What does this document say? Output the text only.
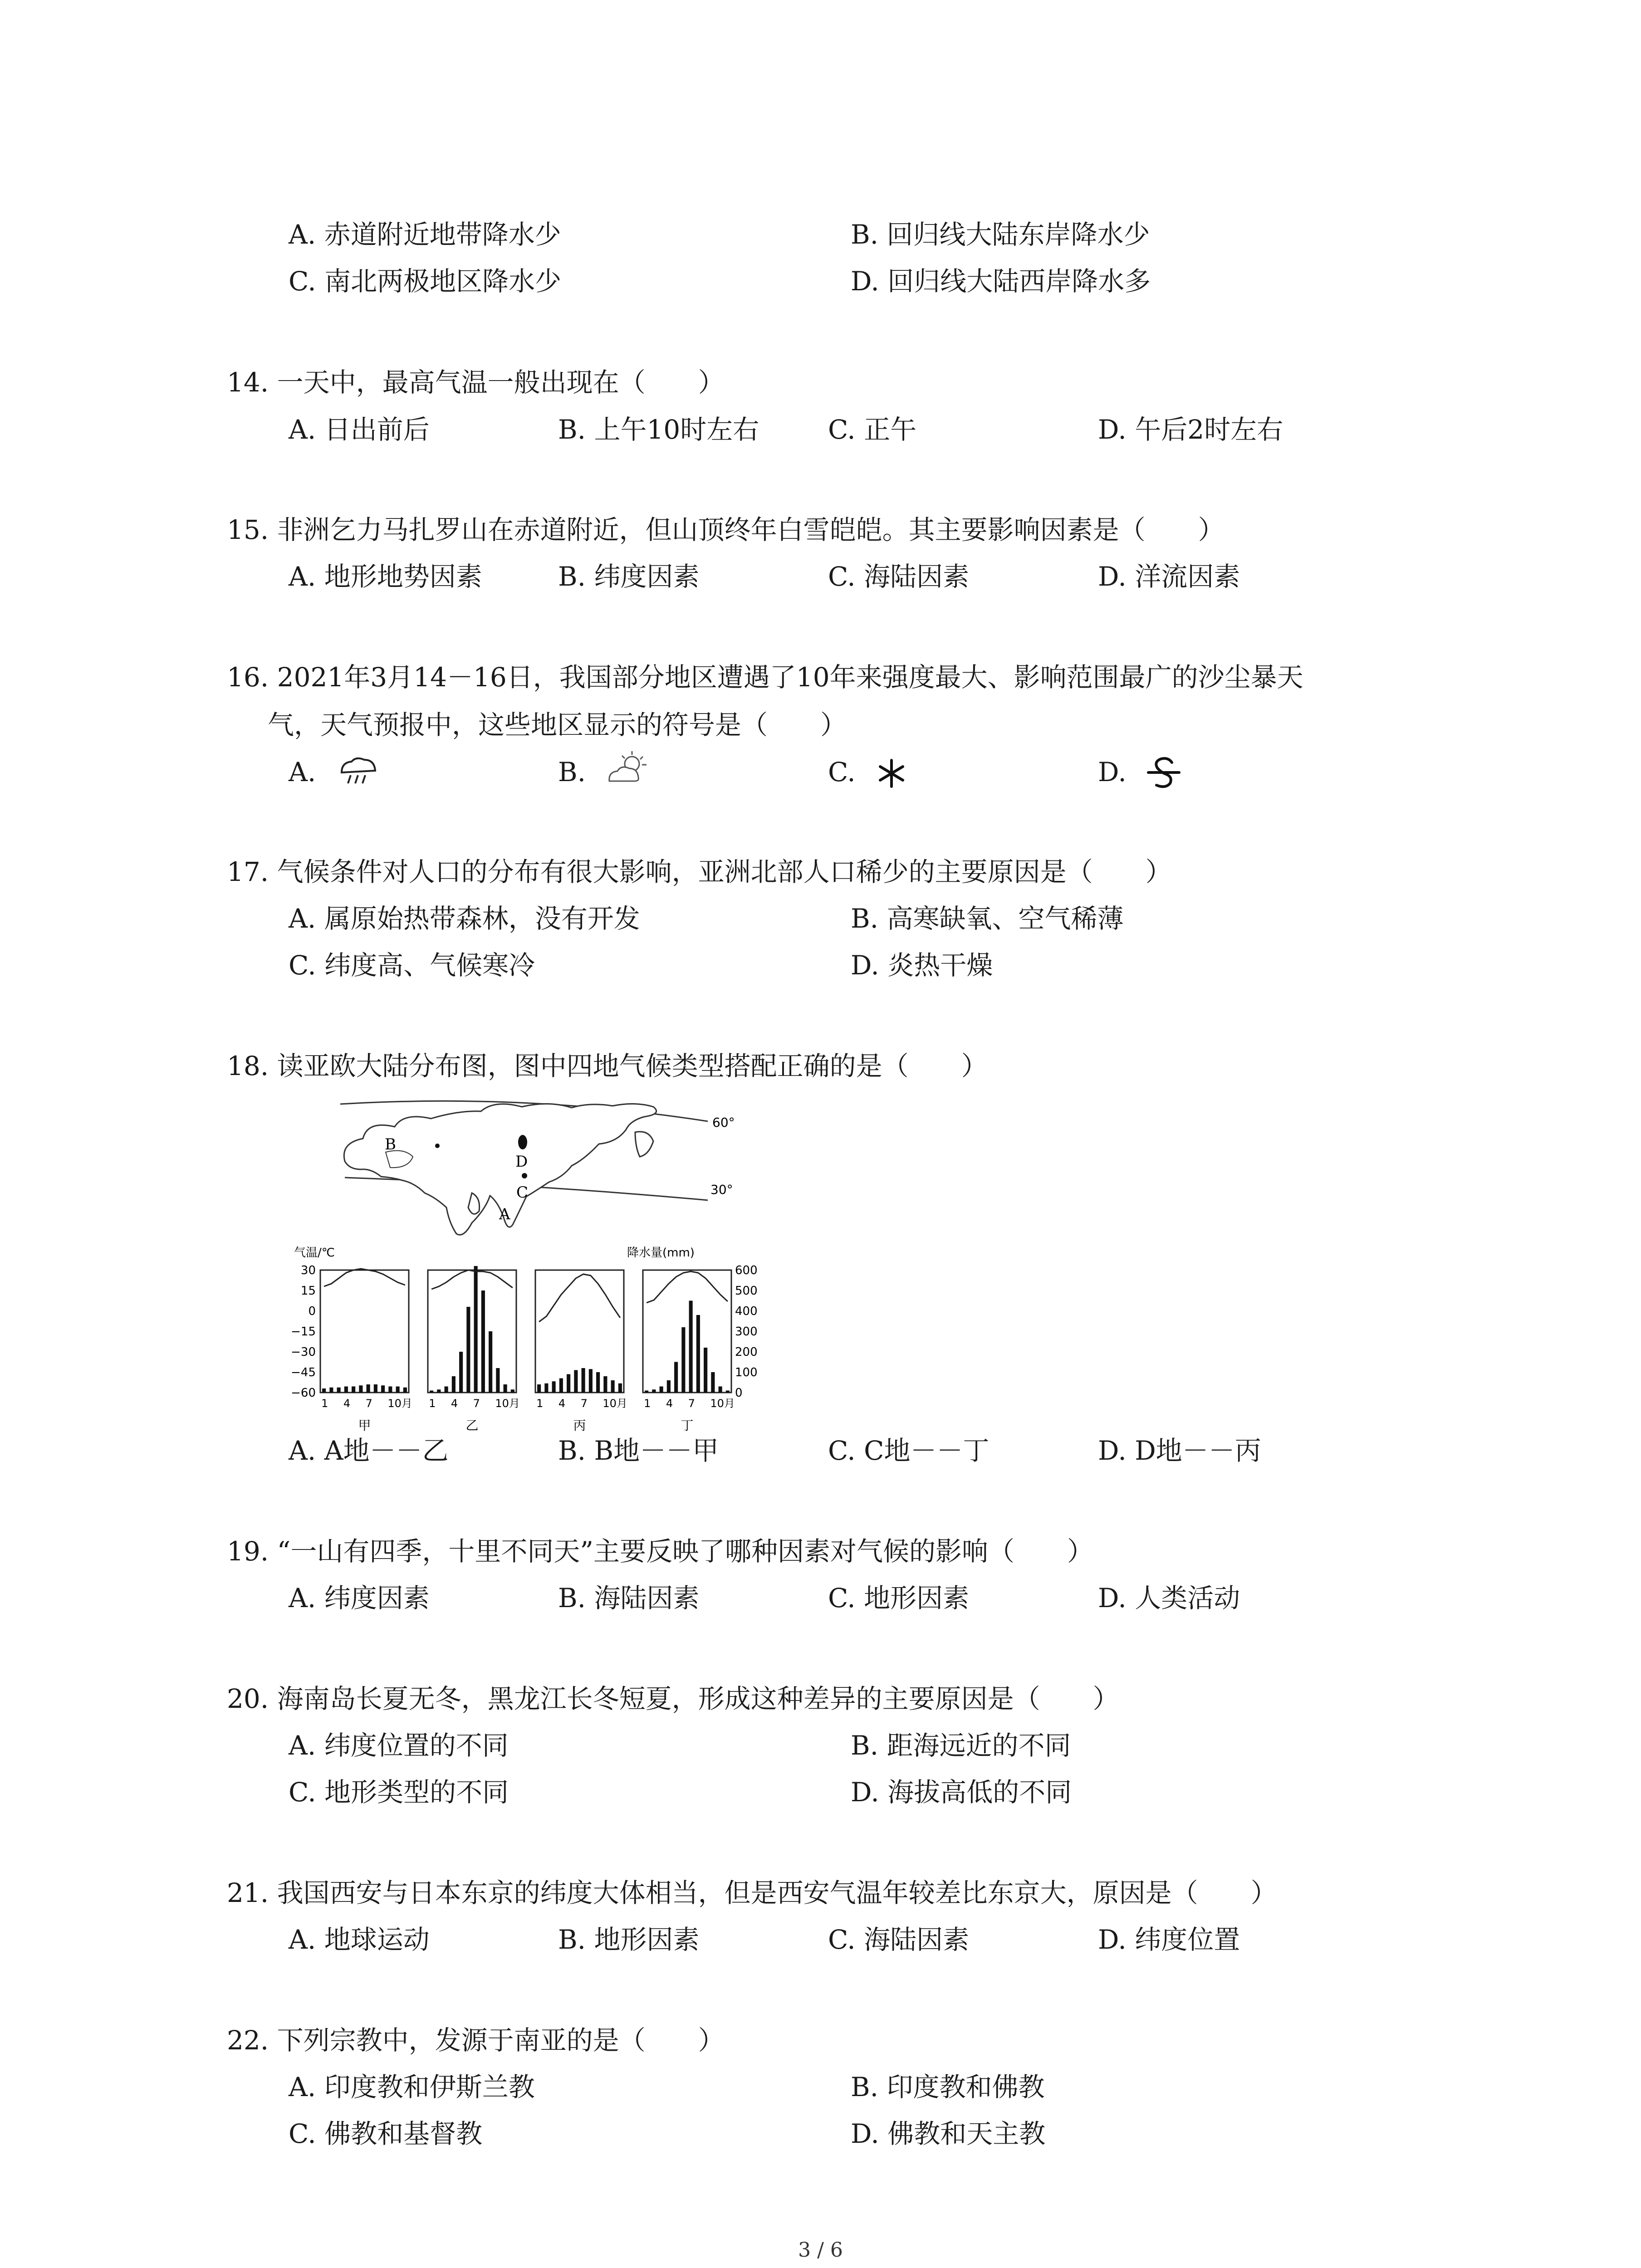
A. 赤道附近地带降水少	B. 回归线大陆东岸降水少
C. 南北两极地区降水少	D. 回归线大陆西岸降水多
14. 一天中，最高气温一般出现在（　　）
A. 日出前后	B. 上午10时左右	C. 正午	D. 午后2时左右
15. 非洲乞力马扎罗山在赤道附近，但山顶终年白雪皑皑。其主要影响因素是（　　）
A. 地形地势因素	B. 纬度因素	C. 海陆因素	D. 洋流因素
16. 2021年3月14－16日，我国部分地区遭遇了10年来强度最大、影响范围最广的沙尘暴天
气，天气预报中，这些地区显示的符号是（　　）
A.	B.	C.	D.
17. 气候条件对人口的分布有很大影响，亚洲北部人口稀少的主要原因是（　　）
A. 属原始热带森林，没有开发	B. 高寒缺氧、空气稀薄
C. 纬度高、气候寒冷	D. 炎热干燥
18. 读亚欧大陆分布图，图中四地气候类型搭配正确的是（　　）
B
D
C
A
60°
30°
气温/℃	降水量(mm)
30
15
0
−15
−30
−45
−60
600
500
400
300
200
100
0
1 4 7 10月
甲
1 4 7 10月
乙
1 4 7 10月
丙
1 4 7 10月
丁
A. A地－－乙	B. B地－－甲	C. C地－－丁	D. D地－－丙
19. “一山有四季，十里不同天”主要反映了哪种因素对气候的影响（　　）
A. 纬度因素	B. 海陆因素	C. 地形因素	D. 人类活动
20. 海南岛长夏无冬，黑龙江长冬短夏，形成这种差异的主要原因是（　　）
A. 纬度位置的不同	B. 距海远近的不同
C. 地形类型的不同	D. 海拔高低的不同
21. 我国西安与日本东京的纬度大体相当，但是西安气温年较差比东京大，原因是（　　）
A. 地球运动	B. 地形因素	C. 海陆因素	D. 纬度位置
22. 下列宗教中，发源于南亚的是（　　）
A. 印度教和伊斯兰教	B. 印度教和佛教
C. 佛教和基督教	D. 佛教和天主教
3 / 6
